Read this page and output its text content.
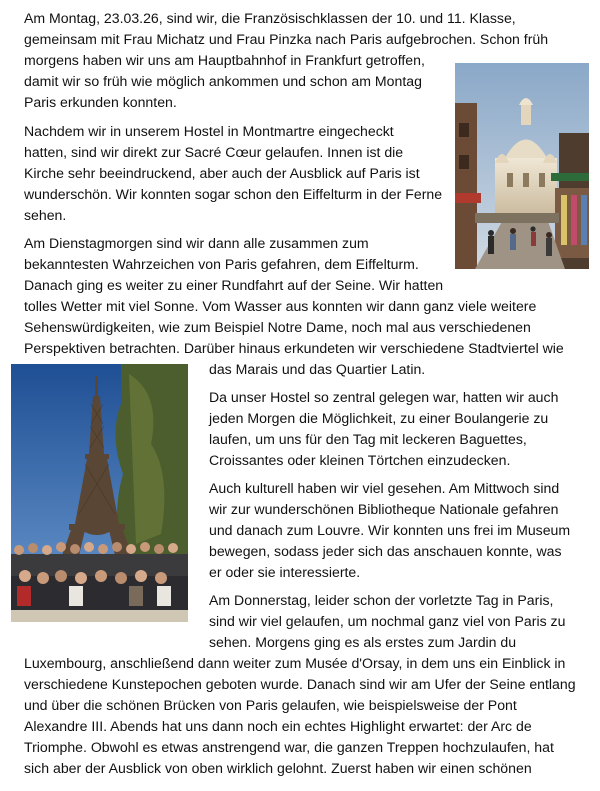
Am Montag, 23.03.26, sind wir, die Französischklassen der 10. und 11. Klasse,
gemeinsam mit Frau Michatz und Frau Pinzka nach Paris aufgebrochen. Schon früh
morgens haben wir uns am Hauptbahnhof in Frankfurt getroffen,
damit wir so früh wie möglich ankommen und schon am Montag
Paris erkunden konnten.
Nachdem wir in unserem Hostel in Montmartre eingecheckt
hatten, sind wir direkt zur Sacré Cœur gelaufen. Innen ist die
Kirche sehr beeindruckend, aber auch der Ausblick auf Paris ist
wunderschön. Wir konnten sogar schon den Eiffelturm in der Ferne
sehen.
Am Dienstagmorgen sind wir dann alle zusammen zum
bekanntesten Wahrzeichen von Paris gefahren, dem Eiffelturm.
Danach ging es weiter zu einer Rundfahrt auf der Seine. Wir hatten
tolles Wetter mit viel Sonne. Vom Wasser aus konnten wir dann ganz viele weitere
Sehenswürdigkeiten, wie zum Beispiel Notre Dame, noch mal aus verschiedenen
Perspektiven betrachten. Darüber hinaus erkundeten wir verschiedene Stadtviertel wie
das Marais und das Quartier Latin.
Da unser Hostel so zentral gelegen war, hatten wir auch
jeden Morgen die Möglichkeit, zu einer Boulangerie zu
laufen, um uns für den Tag mit leckeren Baguettes,
Croissantes oder kleinen Törtchen einzudecken.
Auch kulturell haben wir viel gesehen. Am Mittwoch sind
wir zur wunderschönen Bibliotheque Nationale gefahren
und danach zum Louvre. Wir konnten uns frei im Museum
bewegen, sodass jeder sich das anschauen konnte, was
er oder sie interessierte.
Am Donnerstag, leider schon der vorletzte Tag in Paris,
sind wir viel gelaufen, um nochmal ganz viel von Paris zu
sehen. Morgens ging es als erstes zum Jardin du
Luxembourg, anschließend dann weiter zum Musée d'Orsay, in dem uns ein Einblick in
verschiedene Kunstepochen geboten wurde. Danach sind wir am Ufer der Seine entlang
und über die schönen Brücken von Paris gelaufen, wie beispielsweise der Pont
Alexandre III. Abends hat uns dann noch ein echtes Highlight erwartet: der Arc de
Triomphe. Obwohl es etwas anstrengend war, die ganzen Treppen hochzulaufen, hat
sich aber der Ausblick von oben wirklich gelohnt. Zuerst haben wir einen schönen
